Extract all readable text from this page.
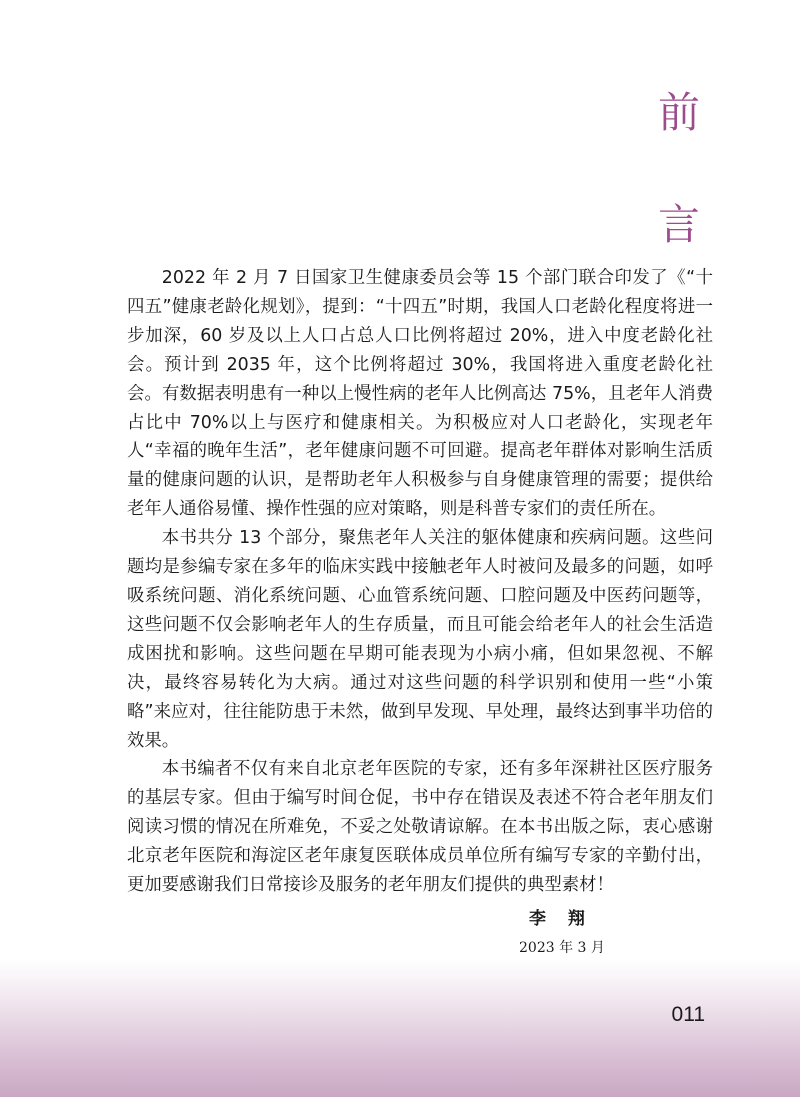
前
言

2022 年 2 月 7 日国家卫生健康委员会等 15 个部门联合印发了《“十四五”健康老龄化规划》，提到：“十四五”时期，我国人口老龄化程度将进一步加深，60 岁及以上人口占总人口比例将超过 20%，进入中度老龄化社会。预计到 2035 年，这个比例将超过 30%，我国将进入重度老龄化社会。有数据表明患有一种以上慢性病的老年人比例高达 75%，且老年人消费占比中 70%以上与医疗和健康相关。为积极应对人口老龄化，实现老年人“幸福的晚年生活”，老年健康问题不可回避。提高老年群体对影响生活质量的健康问题的认识，是帮助老年人积极参与自身健康管理的需要；提供给老年人通俗易懂、操作性强的应对策略，则是科普专家们的责任所在。

本书共分 13 个部分，聚焦老年人关注的躯体健康和疾病问题。这些问题均是参编专家在多年的临床实践中接触老年人时被问及最多的问题，如呼吸系统问题、消化系统问题、心血管系统问题、口腔问题及中医药问题等，这些问题不仅会影响老年人的生存质量，而且可能会给老年人的社会生活造成困扰和影响。这些问题在早期可能表现为小病小痛，但如果忽视、不解决，最终容易转化为大病。通过对这些问题的科学识别和使用一些“小策略”来应对，往往能防患于未然，做到早发现、早处理，最终达到事半功倍的效果。

本书编者不仅有来自北京老年医院的专家，还有多年深耕社区医疗服务的基层专家。但由于编写时间仓促，书中存在错误及表述不符合老年朋友们阅读习惯的情况在所难免，不妥之处敬请谅解。在本书出版之际，衷心感谢北京老年医院和海淀区老年康复医联体成员单位所有编写专家的辛勤付出，更加要感谢我们日常接诊及服务的老年朋友们提供的典型素材！

李 翔
2023 年 3 月
011
